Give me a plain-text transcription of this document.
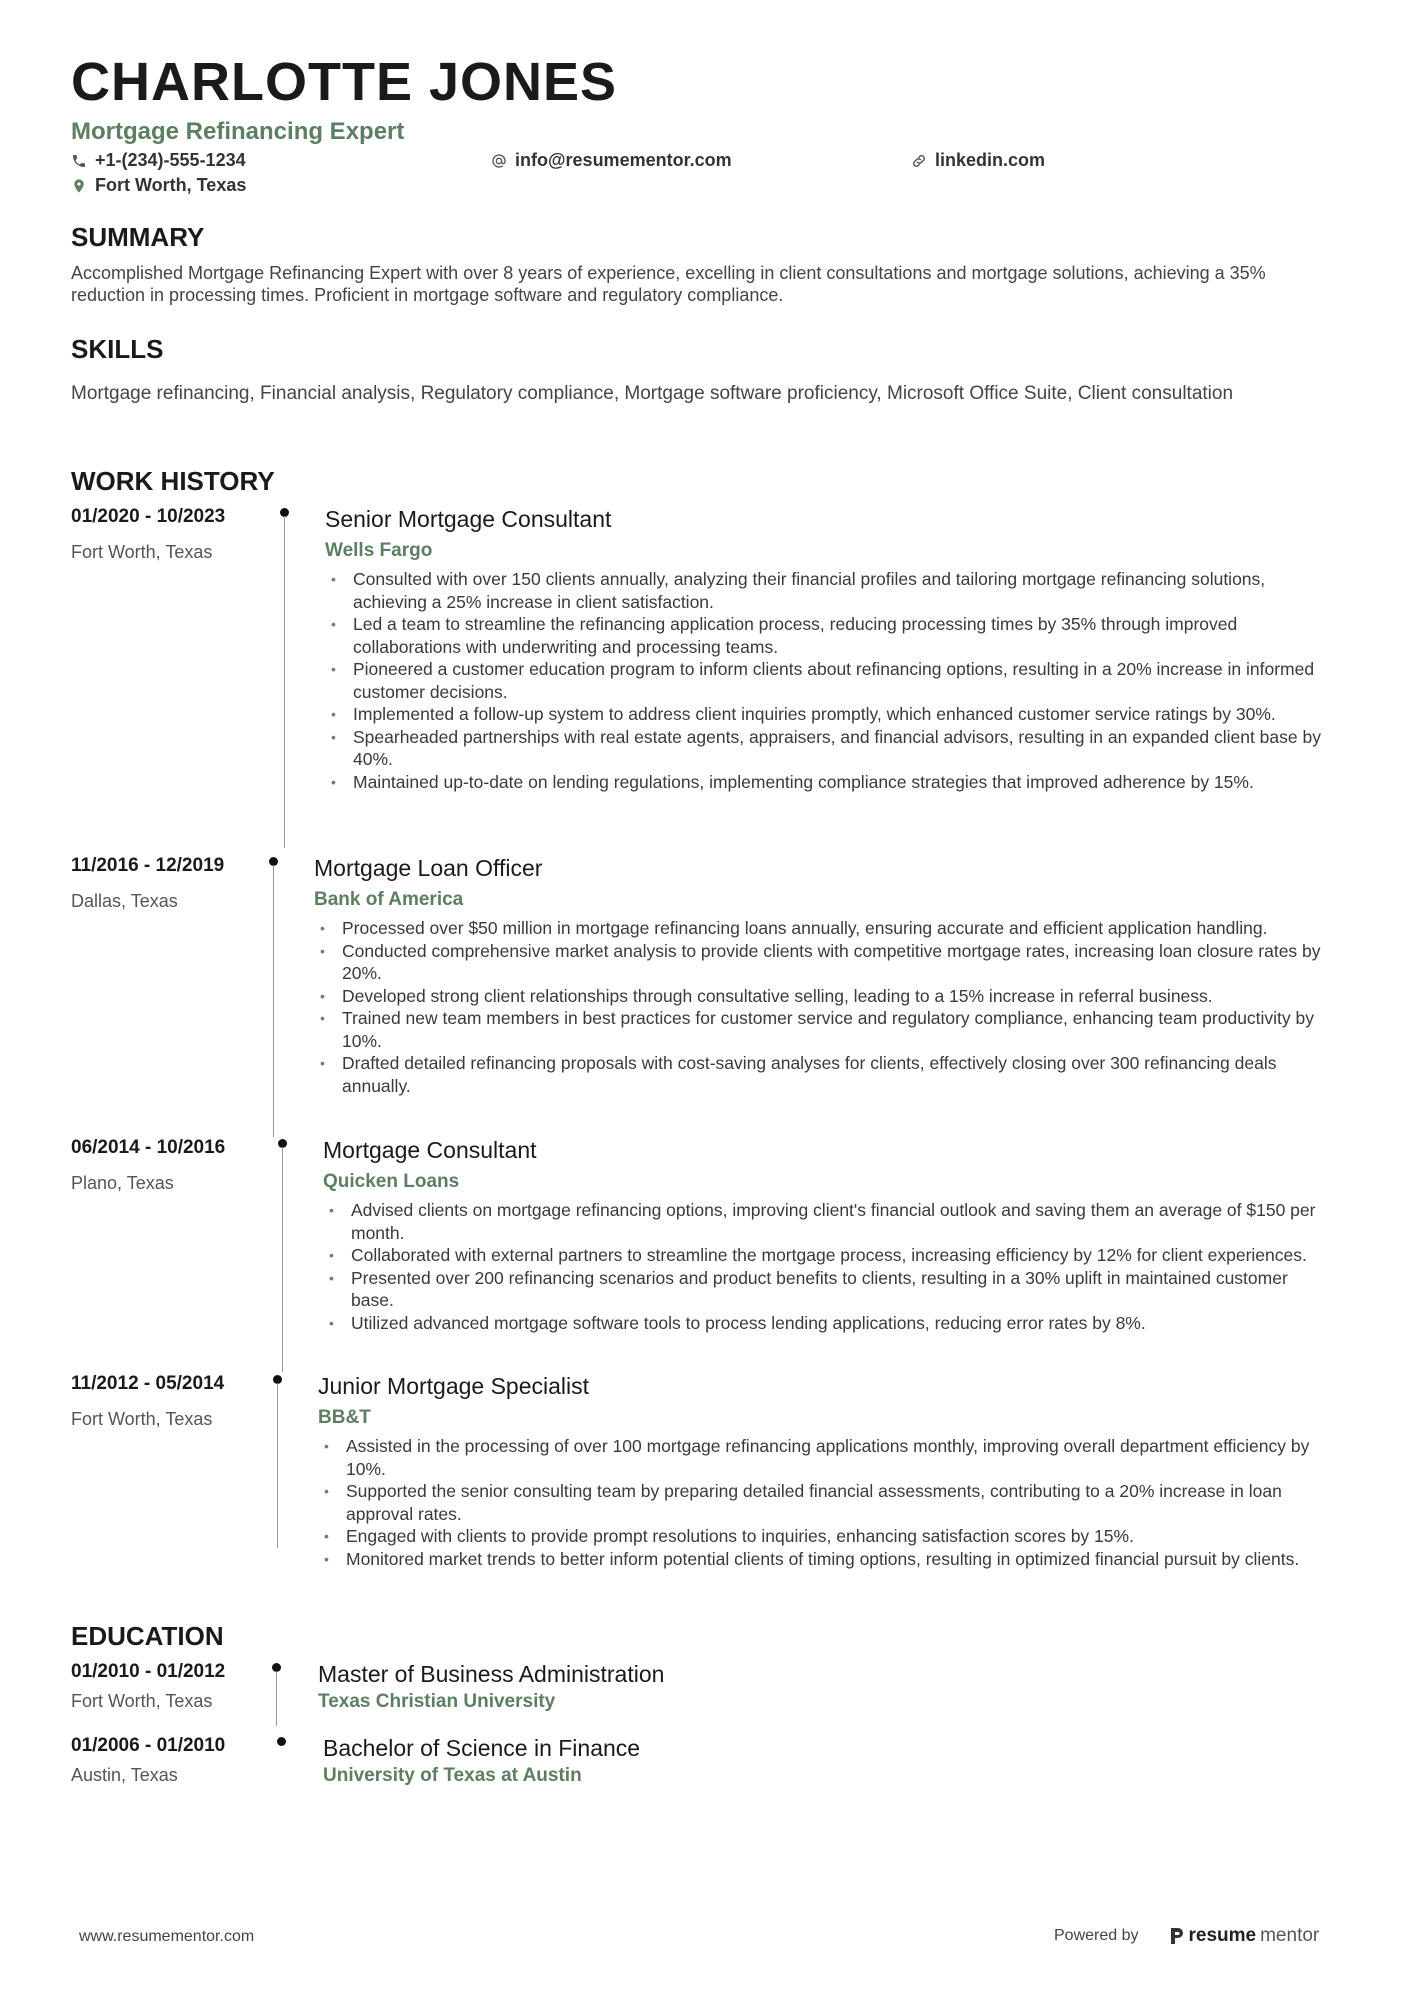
CHARLOTTE JONES
Mortgage Refinancing Expert
+1-(234)-555-1234	info@resumementor.com	linkedin.com
Fort Worth, Texas
SUMMARY
Accomplished Mortgage Refinancing Expert with over 8 years of experience, excelling in client consultations and mortgage solutions, achieving a 35% reduction in processing times. Proficient in mortgage software and regulatory compliance.
SKILLS
Mortgage refinancing, Financial analysis, Regulatory compliance, Mortgage software proficiency, Microsoft Office Suite, Client consultation
WORK HISTORY
01/2020 - 10/2023
Fort Worth, Texas
Senior Mortgage Consultant
Wells Fargo
• Consulted with over 150 clients annually, analyzing their financial profiles and tailoring mortgage refinancing solutions, achieving a 25% increase in client satisfaction.
• Led a team to streamline the refinancing application process, reducing processing times by 35% through improved collaborations with underwriting and processing teams.
• Pioneered a customer education program to inform clients about refinancing options, resulting in a 20% increase in informed customer decisions.
• Implemented a follow-up system to address client inquiries promptly, which enhanced customer service ratings by 30%.
• Spearheaded partnerships with real estate agents, appraisers, and financial advisors, resulting in an expanded client base by 40%.
• Maintained up-to-date on lending regulations, implementing compliance strategies that improved adherence by 15%.
11/2016 - 12/2019
Dallas, Texas
Mortgage Loan Officer
Bank of America
• Processed over $50 million in mortgage refinancing loans annually, ensuring accurate and efficient application handling.
• Conducted comprehensive market analysis to provide clients with competitive mortgage rates, increasing loan closure rates by 20%.
• Developed strong client relationships through consultative selling, leading to a 15% increase in referral business.
• Trained new team members in best practices for customer service and regulatory compliance, enhancing team productivity by 10%.
• Drafted detailed refinancing proposals with cost-saving analyses for clients, effectively closing over 300 refinancing deals annually.
06/2014 - 10/2016
Plano, Texas
Mortgage Consultant
Quicken Loans
• Advised clients on mortgage refinancing options, improving client's financial outlook and saving them an average of $150 per month.
• Collaborated with external partners to streamline the mortgage process, increasing efficiency by 12% for client experiences.
• Presented over 200 refinancing scenarios and product benefits to clients, resulting in a 30% uplift in maintained customer base.
• Utilized advanced mortgage software tools to process lending applications, reducing error rates by 8%.
11/2012 - 05/2014
Fort Worth, Texas
Junior Mortgage Specialist
BB&T
• Assisted in the processing of over 100 mortgage refinancing applications monthly, improving overall department efficiency by 10%.
• Supported the senior consulting team by preparing detailed financial assessments, contributing to a 20% increase in loan approval rates.
• Engaged with clients to provide prompt resolutions to inquiries, enhancing satisfaction scores by 15%.
• Monitored market trends to better inform potential clients of timing options, resulting in optimized financial pursuit by clients.
EDUCATION
01/2010 - 01/2012
Fort Worth, Texas
Master of Business Administration
Texas Christian University
01/2006 - 01/2010
Austin, Texas
Bachelor of Science in Finance
University of Texas at Austin
www.resumementor.com	Powered by	resume mentor
